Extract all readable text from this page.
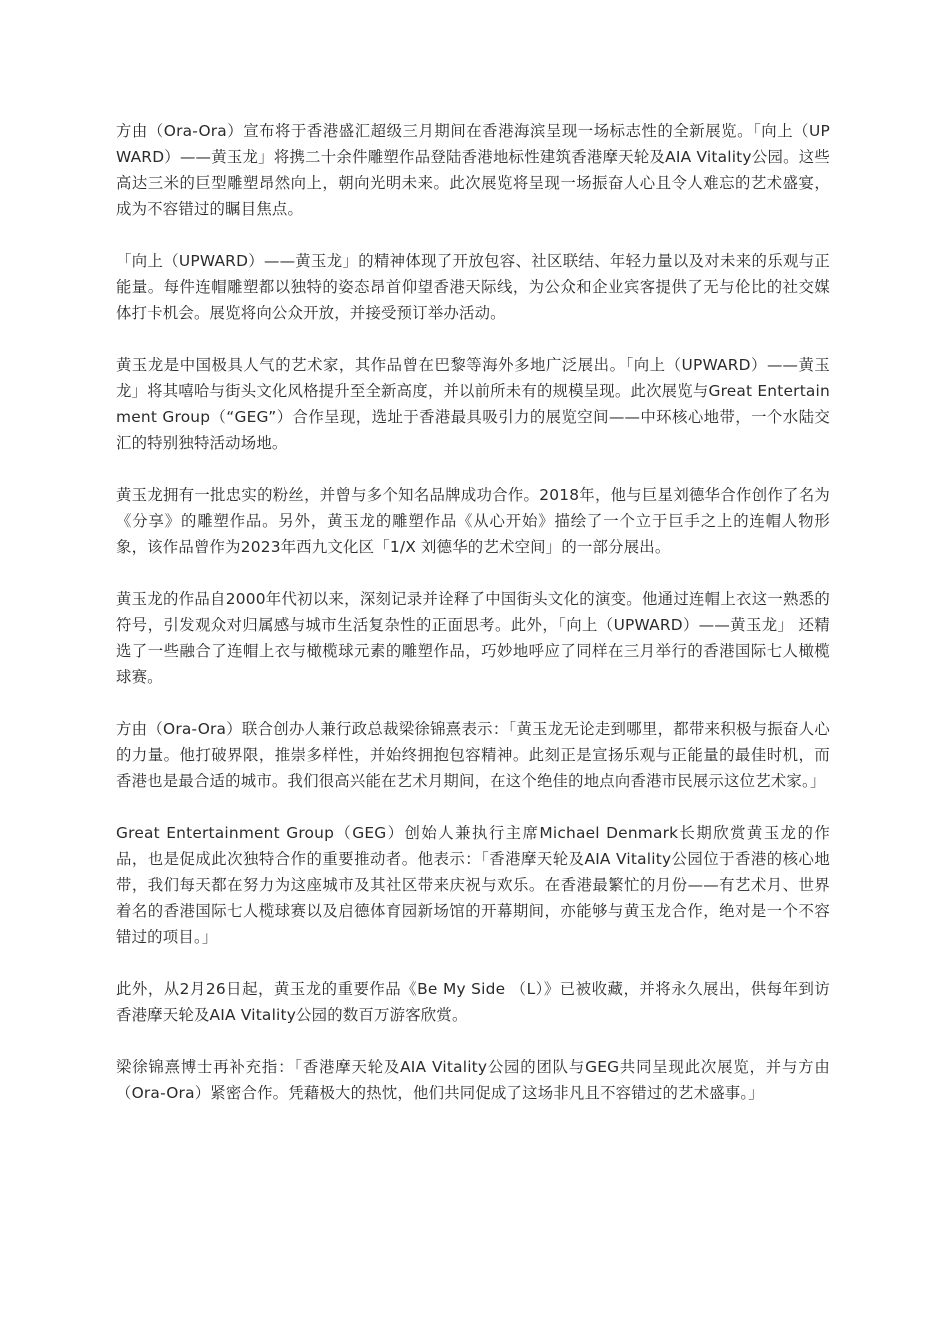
方由（Ora-Ora）宣布将于香港盛汇超级三月期间在香港海滨呈现一场标志性的全新展览。「向上（UPWARD）——黄玉龙」将携二十余件雕塑作品登陆香港地标性建筑香港摩天轮及AIA Vitality公园。这些高达三米的巨型雕塑昂然向上，朝向光明未来。此次展览将呈现一场振奋人心且令人难忘的艺术盛宴，成为不容错过的瞩目焦点。

「向上（UPWARD）——黄玉龙」的精神体现了开放包容、社区联结、年轻力量以及对未来的乐观与正能量。每件连帽雕塑都以独特的姿态昂首仰望香港天际线，为公众和企业宾客提供了无与伦比的社交媒体打卡机会。展览将向公众开放，并接受预订举办活动。

黄玉龙是中国极具人气的艺术家，其作品曾在巴黎等海外多地广泛展出。「向上（UPWARD）——黄玉龙」将其嘻哈与街头文化风格提升至全新高度，并以前所未有的规模呈现。此次展览与Great Entertainment Group（“GEG”）合作呈现，选址于香港最具吸引力的展览空间——中环核心地带，一个水陆交汇的特别独特活动场地。

黄玉龙拥有一批忠实的粉丝，并曾与多个知名品牌成功合作。2018年，他与巨星刘德华合作创作了名为《分享》的雕塑作品。另外，黄玉龙的雕塑作品《从心开始》描绘了一个立于巨手之上的连帽人物形象，该作品曾作为2023年西九文化区「1/X 刘德华的艺术空间」的一部分展出。

黄玉龙的作品自2000年代初以来，深刻记录并诠释了中国街头文化的演变。他通过连帽上衣这一熟悉的符号，引发观众对归属感与城市生活复杂性的正面思考。此外，「向上（UPWARD）——黄玉龙」 还精选了一些融合了连帽上衣与橄榄球元素的雕塑作品，巧妙地呼应了同样在三月举行的香港国际七人橄榄球赛。

方由（Ora-Ora）联合创办人兼行政总裁梁徐锦熹表示：「黄玉龙无论走到哪里，都带来积极与振奋人心的力量。他打破界限，推崇多样性，并始终拥抱包容精神。此刻正是宣扬乐观与正能量的最佳时机，而香港也是最合适的城市。我们很高兴能在艺术月期间，在这个绝佳的地点向香港市民展示这位艺术家。」

Great Entertainment Group（GEG）创始人兼执行主席Michael Denmark长期欣赏黄玉龙的作品，也是促成此次独特合作的重要推动者。他表示：「香港摩天轮及AIA Vitality公园位于香港的核心地带，我们每天都在努力为这座城市及其社区带来庆祝与欢乐。在香港最繁忙的月份——有艺术月、世界着名的香港国际七人榄球赛以及启德体育园新场馆的开幕期间，亦能够与黄玉龙合作，绝对是一个不容错过的项目。」

此外，从2月26日起，黄玉龙的重要作品《Be My Side （L）》已被收藏，并将永久展出，供每年到访香港摩天轮及AIA Vitality公园的数百万游客欣赏。

梁徐锦熹博士再补充指：「香港摩天轮及AIA Vitality公园的团队与GEG共同呈现此次展览，并与方由（Ora-Ora）紧密合作。凭藉极大的热忱，他们共同促成了这场非凡且不容错过的艺术盛事。」
